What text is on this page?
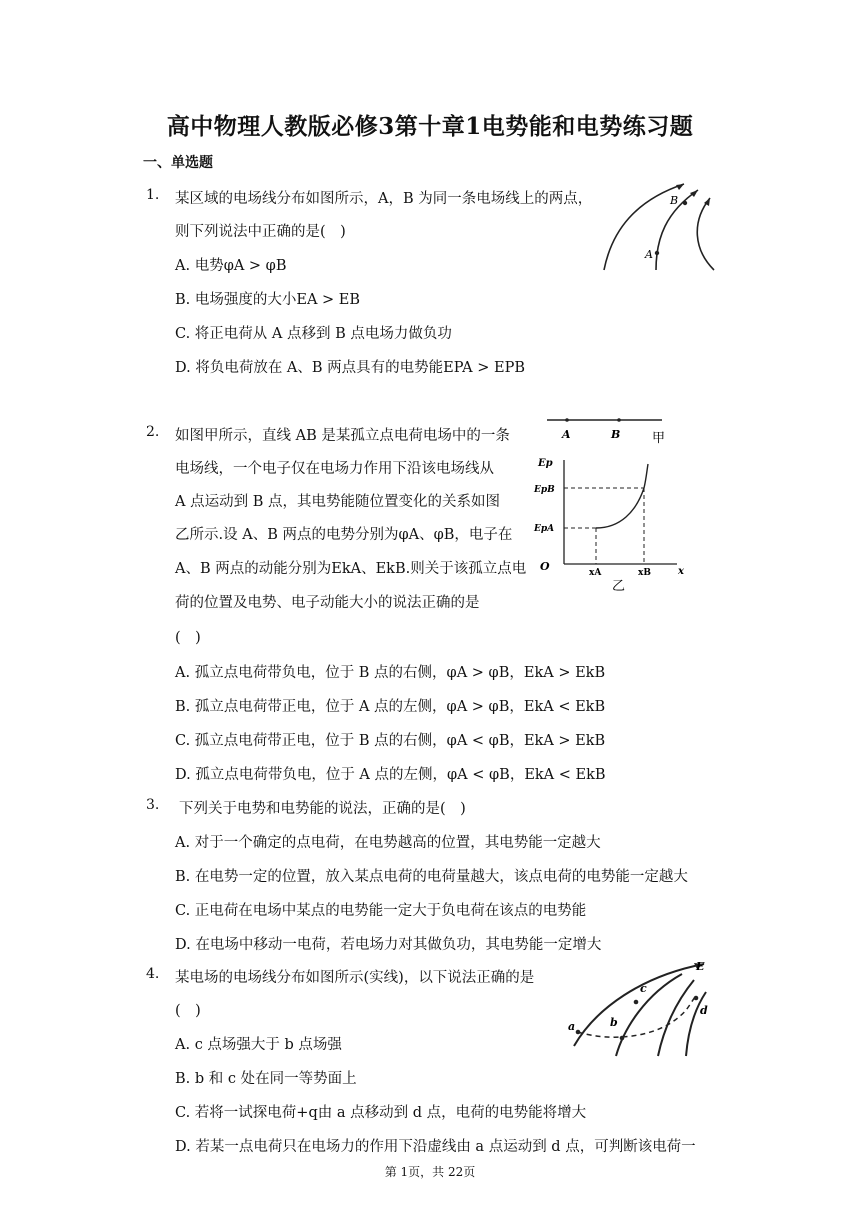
高中物理人教版必修3第十章1电势能和电势练习题
一、单选题
1. 某区域的电场线分布如图所示，A，B 为同一条电场线上的两点，
则下列说法中正确的是(　)
A. 电势φA > φB
B. 电场强度的大小EA > EB
C. 将正电荷从 A 点移到 B 点电场力做负功
D. 将负电荷放在 A、B 两点具有的电势能EPA > EPB
A
B
2. 如图甲所示，直线 AB 是某孤立点电荷电场中的一条
电场线，一个电子仅在电场力作用下沿该电场线从
A 点运动到 B 点，其电势能随位置变化的关系如图
乙所示.设 A、B 两点的电势分别为φA、φB，电子在
A、B 两点的动能分别为EkA、EkB.则关于该孤立点电
荷的位置及电势、电子动能大小的说法正确的是
(　)
A. 孤立点电荷带负电，位于 B 点的右侧，φA > φB，EkA > EkB
B. 孤立点电荷带正电，位于 A 点的左侧，φA > φB，EkA < EkB
C. 孤立点电荷带正电，位于 B 点的右侧，φA < φB，EkA > EkB
D. 孤立点电荷带负电，位于 A 点的左侧，φA < φB，EkA < EkB
A	B 甲
Ep
EpB
EpA
O	xA	xB	x
乙
3. 下列关于电势和电势能的说法，正确的是(　)
A. 对于一个确定的点电荷，在电势越高的位置，其电势能一定越大
B. 在电势一定的位置，放入某点电荷的电荷量越大，该点电荷的电势能一定越大
C. 正电荷在电场中某点的电势能一定大于负电荷在该点的电势能
D. 在电场中移动一电荷，若电场力对其做负功，其电势能一定增大
4. 某电场的电场线分布如图所示(实线)，以下说法正确的是
(　)
A. c 点场强大于 b 点场强
B. b 和 c 处在同一等势面上
C. 若将一试探电荷+q由 a 点移动到 d 点，电荷的电势能将增大
D. 若某一点电荷只在电场力的作用下沿虚线由 a 点运动到 d 点，可判断该电荷一
E
a	b
c
d
第 1页，共 22页
